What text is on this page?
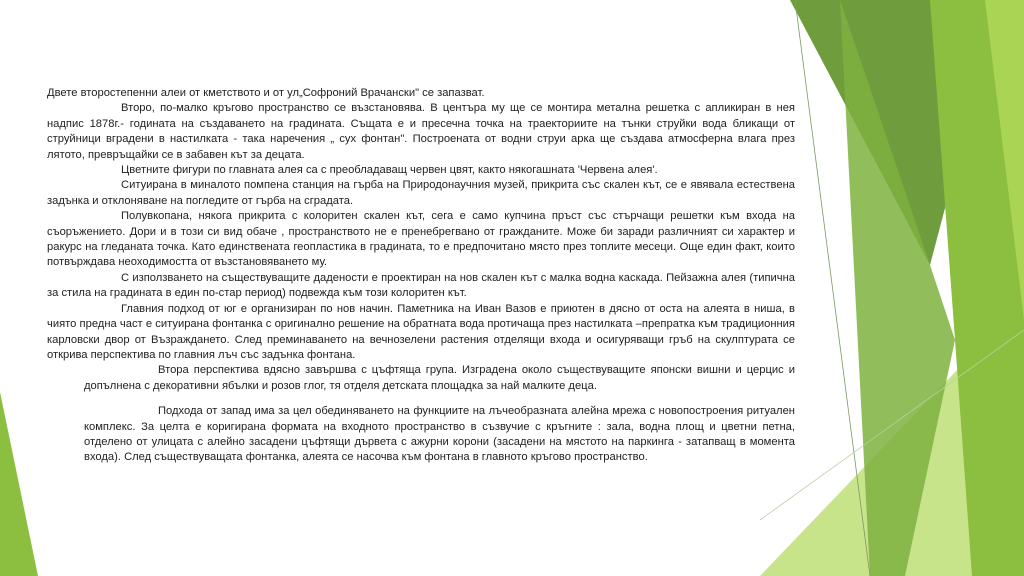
Двете второстепенни алеи от кметството и от ул„Софроний Врачански" се запазват.

Второ, по-малко кръгово пространство се възстановява. В центъра му ще се монтира металнa решетка с апликиран в нея надпис 1878г.- годината на създаването на градината. Същата е и пресечна точка на траекториите на тънки струйки вода бликащи от струйници вградени в настилката - така наречения „ сух фонтан". Построената от водни струи арка ще създава атмосферна влага през лятото, превръщайки се в забавен кът за децата.

Цветните фигури по главната алея са с преобладаващ червен цвят, както някогашната 'Червена алея'.

Ситуирана в миналото помпена станция на гърба на Природонаучния музей, прикрита със скален кът, се е явявала естествена задънка и отклоняване на погледите от гърба на сградата.

Полувкопана, някога прикрита с колоритен скален кът, сега е само купчина пръст със стърчащи решетки към входа на съоръжението. Дори и в този си вид обаче , пространството не е пренебрегвано от гражданите. Може би заради различният си характер и ракурс на гледаната точка. Като единствената геопластика в градината, то е предпочитано място през топлите месеци. Още един факт, които потвърждава неохoдимостта от възстановяването му.

С използването на съществуващите дадености е проектиран на нов скален кът с малка водна каскада. Пейзажна алея (типична за стила на градината в един по-стар период) подвежда към този колоритен кът.

Главния подход от юг е организиран по нов начин. Паметника на Иван Вазов е приютен в дясно от оста на алеята в ниша, в чиято предна част е ситуирана фонтанка с оригинално решение на обратната вода протичаща през настилката –препратка към традиционния карловски двор от Възраждането. След преминаването на вечнозелени растения отделящи входа и осигуряващи гръб на скулптурата се открива перспектива по главния лъч със задънка фонтана.

Втора перспектива вдясно завършва с цъфтяща група. Изградена около съществуващите японски вишни и церцис и допълнена с декоративни ябълки и розов глог, тя отделя детската площадка за най малките деца.

Подхода от запад има за цел обединяването на функциите на лъчеобразната алейна мрежа с новопостроения ритуален комплекс. За целта е коригирана формата на входното пространство в съзвучие с кръгните : зала, водна площ и цветни петна, отделено от улицата с алейно засадени цъфтящи дървета с ажурни корони (засадени на мястото на паркинга - затапващ в момента входа). След съществуващата фонтанка, алеята се насочва към фонтана в главното кръгово пространство.
